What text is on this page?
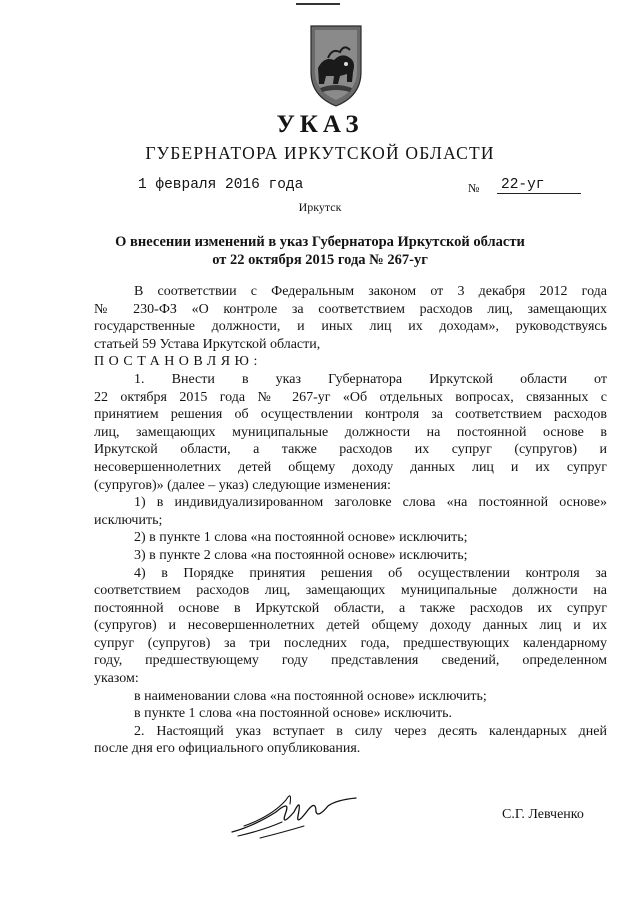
УКАЗ
ГУБЕРНАТОРА ИРКУТСКОЙ ОБЛАСТИ
1 февраля 2016 года	№ 22-уг
Иркутск
О внесении изменений в указ Губернатора Иркутской области
от 22 октября 2015 года № 267-уг

В соответствии с Федеральным законом от 3 декабря 2012 года

№ 230-ФЗ «О контроле за соответствием расходов лиц, замещающих

государственные должности, и иных лиц их доходам», руководствуясь

статьей 59 Устава Иркутской области,

ПОСТАНОВЛЯЮ:

1. Внести в указ Губернатора Иркутской области от

22 октября 2015 года № 267-уг «Об отдельных вопросах, связанных с

принятием решения об осуществлении контроля за соответствием расходов

лиц, замещающих муниципальные должности на постоянной основе в

Иркутской области, а также расходов их супруг (супругов) и

несовершеннолетних детей общему доходу данных лиц и их супруг

(супругов)» (далее – указ) следующие изменения:

1) в индивидуализированном заголовке слова «на постоянной основе»

исключить;

2) в пункте 1 слова «на постоянной основе» исключить;

3) в пункте 2 слова «на постоянной основе» исключить;

4) в Порядке принятия решения об осуществлении контроля за

соответствием расходов лиц, замещающих муниципальные должности на

постоянной основе в Иркутской области, а также расходов их супруг

(супругов) и несовершеннолетних детей общему доходу данных лиц и их

супруг (супругов) за три последних года, предшествующих календарному

году, предшествующему году представления сведений, определенном

указом:

в наименовании слова «на постоянной основе» исключить;

в пункте 1 слова «на постоянной основе» исключить.

2. Настоящий указ вступает в силу через десять календарных дней

после дня его официального опубликования.

С.Г. Левченко
